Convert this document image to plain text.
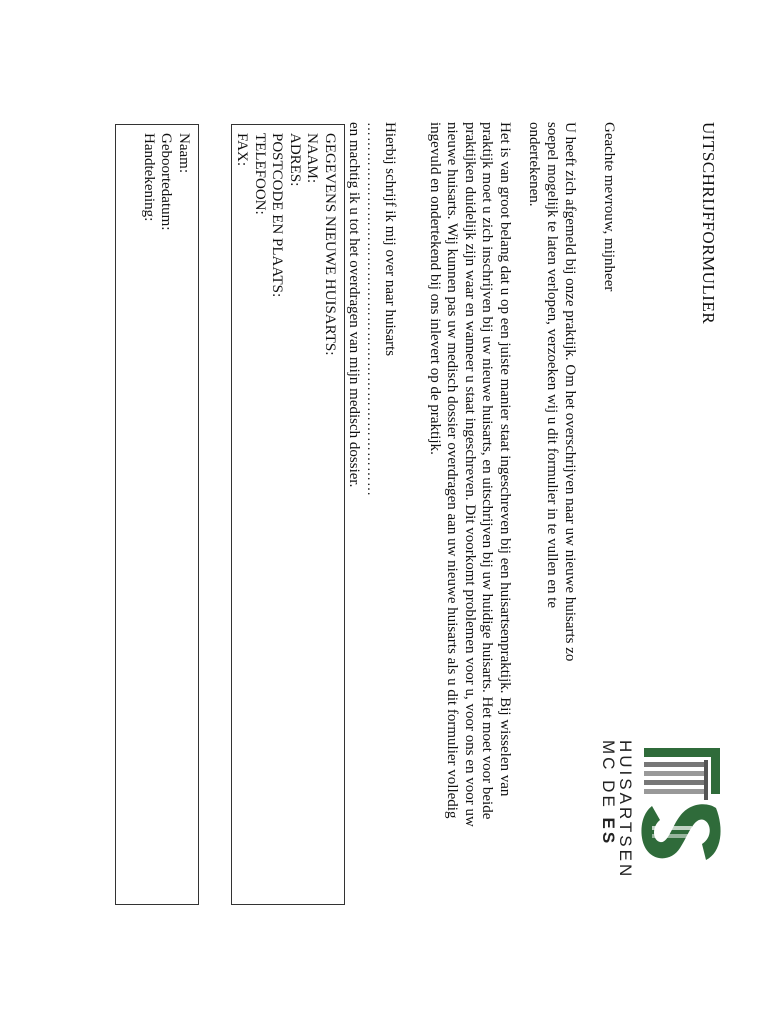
UITSCHRIJFFORMULIER
HUISARTSEN
MC DE ES
Geachte mevrouw, mijnheer
U heeft zich afgemeld bij onze praktijk. Om het overschrijven naar uw nieuwe huisarts zo soepel mogelijk te laten verlopen, verzoeken wij u dit formulier in te vullen en te ondertekenen.
Het is van groot belang dat u op een juiste manier staat ingeschreven bij een huisartsenpraktijk. Bij wisselen van praktijk moet u zich inschrijven bij uw nieuwe huisarts, en uitschrijven bij uw huidige huisarts. Het moet voor beide praktijken duidelijk zijn waar en wanneer u staat ingeschreven. Dit voorkomt problemen voor u, voor ons en voor uw nieuwe huisarts. Wij kunnen pas uw medisch dossier overdragen aan uw nieuwe huisarts als u dit formulier volledig ingevuld en ondertekend bij ons inlevert op de praktijk.
Hierbij schrijf ik mij over naar huisarts
…………………………………………………………………
en machtig ik u tot het overdragen van mijn medisch dossier.
GEGEVENS NIEUWE HUISARTS:
NAAM:
ADRES:
POSTCODE EN PLAATS:
TELEFOON:
FAX:
Naam:
Geboortedatum:
Handtekening:
